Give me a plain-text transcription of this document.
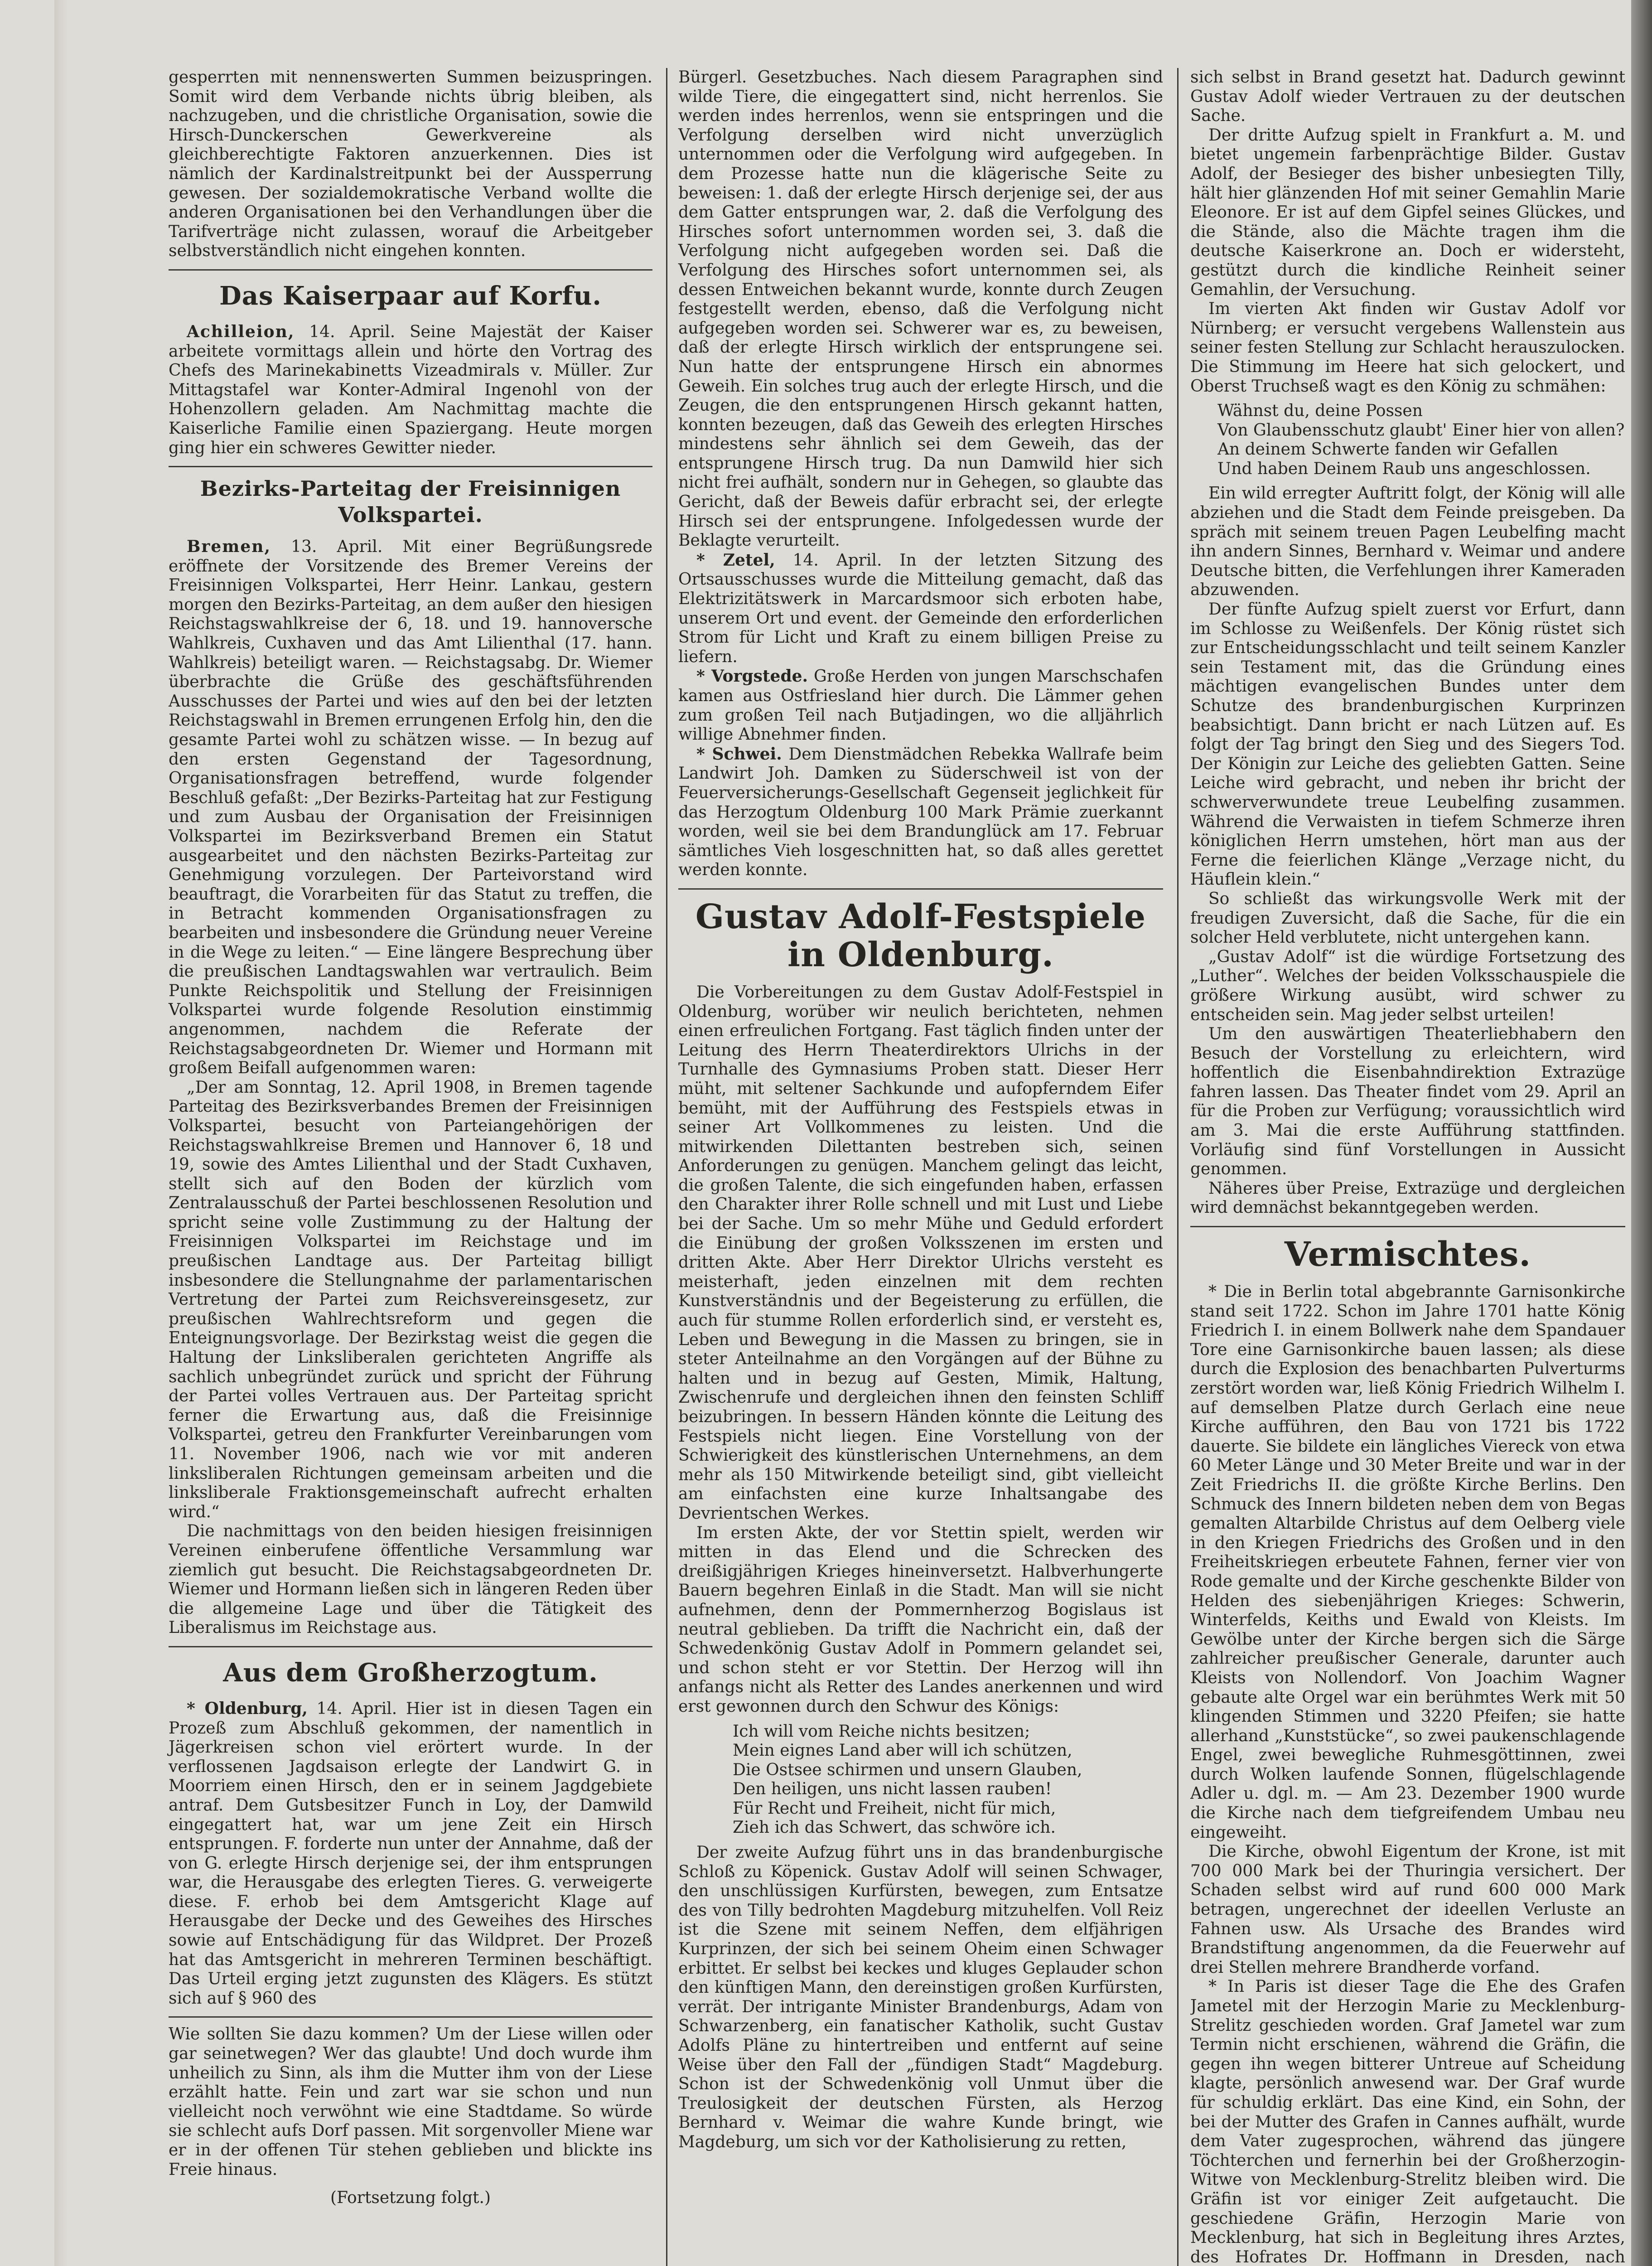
gesperrten mit nennenswerten Summen beizuspringen. Somit wird dem Verbande nichts übrig bleiben, als nachzugeben, und die christliche Organisation, sowie die Hirsch-Dunckerschen Gewerkvereine als gleichberechtigte Faktoren anzuerkennen. Dies ist nämlich der Kardinalstreitpunkt bei der Aussperrung gewesen. Der sozialdemokratische Verband wollte die anderen Organisationen bei den Verhandlungen über die Tarifverträge nicht zulassen, worauf die Arbeitgeber selbstverständlich nicht eingehen konnten.

Das Kaiserpaar auf Korfu.

Achilleion, 14. April. Seine Majestät der Kaiser arbeitete vormittags allein und hörte den Vortrag des Chefs des Marinekabinetts Vizeadmirals v. Müller. Zur Mittagstafel war Konter-Admiral Ingenohl von der Hohenzollern geladen. Am Nachmittag machte die Kaiserliche Familie einen Spaziergang. Heute morgen ging hier ein schweres Gewitter nieder.

Bezirks-Parteitag der Freisinnigen Volkspartei.

Bremen, 13. April. Mit einer Begrüßungsrede eröffnete der Vorsitzende des Bremer Vereins der Freisinnigen Volkspartei, Herr Heinr. Lankau, gestern morgen den Bezirks-Parteitag, an dem außer den hiesigen Reichstagswahlkreise der 6, 18. und 19. hannoversche Wahlkreis, Cuxhaven und das Amt Lilienthal (17. hann. Wahlkreis) beteiligt waren. — Reichstagsabg. Dr. Wiemer überbrachte die Grüße des geschäftsführenden Ausschusses der Partei und wies auf den bei der letzten Reichstagswahl in Bremen errungenen Erfolg hin, den die gesamte Partei wohl zu schätzen wisse. — In bezug auf den ersten Gegenstand der Tagesordnung, Organisationsfragen betreffend, wurde folgender Beschluß gefaßt: „Der Bezirks-Parteitag hat zur Festigung und zum Ausbau der Organisation der Freisinnigen Volkspartei im Bezirksverband Bremen ein Statut ausgearbeitet und den nächsten Bezirks-Parteitag zur Genehmigung vorzulegen. Der Parteivorstand wird beauftragt, die Vorarbeiten für das Statut zu treffen, die in Betracht kommenden Organisationsfragen zu bearbeiten und insbesondere die Gründung neuer Vereine in die Wege zu leiten.“ — Eine längere Besprechung über die preußischen Landtagswahlen war vertraulich. Beim Punkte Reichspolitik und Stellung der Freisinnigen Volkspartei wurde folgende Resolution einstimmig angenommen, nachdem die Referate der Reichstagsabgeordneten Dr. Wiemer und Hormann mit großem Beifall aufgenommen waren:

„Der am Sonntag, 12. April 1908, in Bremen tagende Parteitag des Bezirksverbandes Bremen der Freisinnigen Volkspartei, besucht von Parteiangehörigen der Reichstagswahlkreise Bremen und Hannover 6, 18 und 19, sowie des Amtes Lilienthal und der Stadt Cuxhaven, stellt sich auf den Boden der kürzlich vom Zentralausschuß der Partei beschlossenen Resolution und spricht seine volle Zustimmung zu der Haltung der Freisinnigen Volkspartei im Reichstage und im preußischen Landtage aus. Der Parteitag billigt insbesondere die Stellungnahme der parlamentarischen Vertretung der Partei zum Reichsvereinsgesetz, zur preußischen Wahlrechtsreform und gegen die Enteignungsvorlage. Der Bezirkstag weist die gegen die Haltung der Linksliberalen gerichteten Angriffe als sachlich unbegründet zurück und spricht der Führung der Partei volles Vertrauen aus. Der Parteitag spricht ferner die Erwartung aus, daß die Freisinnige Volkspartei, getreu den Frankfurter Vereinbarungen vom 11. November 1906, nach wie vor mit anderen linksliberalen Richtungen gemeinsam arbeiten und die linksliberale Fraktionsgemeinschaft aufrecht erhalten wird.“

Die nachmittags von den beiden hiesigen freisinnigen Vereinen einberufene öffentliche Versammlung war ziemlich gut besucht. Die Reichstagsabgeordneten Dr. Wiemer und Hormann ließen sich in längeren Reden über die allgemeine Lage und über die Tätigkeit des Liberalismus im Reichstage aus.

Aus dem Großherzogtum.

* Oldenburg, 14. April. Hier ist in diesen Tagen ein Prozeß zum Abschluß gekommen, der namentlich in Jägerkreisen schon viel erörtert wurde. In der verflossenen Jagdsaison erlegte der Landwirt G. in Moorriem einen Hirsch, den er in seinem Jagdgebiete antraf. Dem Gutsbesitzer Funch in Loy, der Damwild eingegattert hat, war um jene Zeit ein Hirsch entsprungen. F. forderte nun unter der Annahme, daß der von G. erlegte Hirsch derjenige sei, der ihm entsprungen war, die Herausgabe des erlegten Tieres. G. verweigerte diese. F. erhob bei dem Amtsgericht Klage auf Herausgabe der Decke und des Geweihes des Hirsches sowie auf Entschädigung für das Wildpret. Der Prozeß hat das Amtsgericht in mehreren Terminen beschäftigt. Das Urteil erging jetzt zugunsten des Klägers. Es stützt sich auf § 960 des

Wie sollten Sie dazu kommen? Um der Liese willen oder gar seinetwegen? Wer das glaubte! Und doch wurde ihm unheilich zu Sinn, als ihm die Mutter ihm von der Liese erzählt hatte. Fein und zart war sie schon und nun vielleicht noch verwöhnt wie eine Stadtdame. So würde sie schlecht aufs Dorf passen. Mit sorgenvoller Miene war er in der offenen Tür stehen geblieben und blickte ins Freie hinaus.

(Fortsetzung folgt.)

Bürgerl. Gesetzbuches. Nach diesem Paragraphen sind wilde Tiere, die eingegattert sind, nicht herrenlos. Sie werden indes herrenlos, wenn sie entspringen und die Verfolgung derselben wird nicht unverzüglich unternommen oder die Verfolgung wird aufgegeben. In dem Prozesse hatte nun die klägerische Seite zu beweisen: 1. daß der erlegte Hirsch derjenige sei, der aus dem Gatter entsprungen war, 2. daß die Verfolgung des Hirsches sofort unternommen worden sei, 3. daß die Verfolgung nicht aufgegeben worden sei. Daß die Verfolgung des Hirsches sofort unternommen sei, als dessen Entweichen bekannt wurde, konnte durch Zeugen festgestellt werden, ebenso, daß die Verfolgung nicht aufgegeben worden sei. Schwerer war es, zu beweisen, daß der erlegte Hirsch wirklich der entsprungene sei. Nun hatte der entsprungene Hirsch ein abnormes Geweih. Ein solches trug auch der erlegte Hirsch, und die Zeugen, die den entsprungenen Hirsch gekannt hatten, konnten bezeugen, daß das Geweih des erlegten Hirsches mindestens sehr ähnlich sei dem Geweih, das der entsprungene Hirsch trug. Da nun Damwild hier sich nicht frei aufhält, sondern nur in Gehegen, so glaubte das Gericht, daß der Beweis dafür erbracht sei, der erlegte Hirsch sei der entsprungene. Infolgedessen wurde der Beklagte verurteilt.

* Zetel, 14. April. In der letzten Sitzung des Ortsausschusses wurde die Mitteilung gemacht, daß das Elektrizitätswerk in Marcardsmoor sich erboten habe, unserem Ort und event. der Gemeinde den erforderlichen Strom für Licht und Kraft zu einem billigen Preise zu liefern.

* Vorgstede. Große Herden von jungen Marschschafen kamen aus Ostfriesland hier durch. Die Lämmer gehen zum großen Teil nach Butjadingen, wo die alljährlich willige Abnehmer finden.

* Schwei. Dem Dienstmädchen Rebekka Wallrafe beim Landwirt Joh. Damken zu Süderschweil ist von der Feuerversicherungs-Gesellschaft Gegenseit jeglichkeit für das Herzogtum Oldenburg 100 Mark Prämie zuerkannt worden, weil sie bei dem Brandunglück am 17. Februar sämtliches Vieh losgeschnitten hat, so daß alles gerettet werden konnte.

Gustav Adolf-Festspiele
in Oldenburg.

Die Vorbereitungen zu dem Gustav Adolf-Festspiel in Oldenburg, worüber wir neulich berichteten, nehmen einen erfreulichen Fortgang. Fast täglich finden unter der Leitung des Herrn Theaterdirektors Ulrichs in der Turnhalle des Gymnasiums Proben statt. Dieser Herr müht, mit seltener Sachkunde und aufopferndem Eifer bemüht, mit der Aufführung des Festspiels etwas in seiner Art Vollkommenes zu leisten. Und die mitwirkenden Dilettanten bestreben sich, seinen Anforderungen zu genügen. Manchem gelingt das leicht, die großen Talente, die sich eingefunden haben, erfassen den Charakter ihrer Rolle schnell und mit Lust und Liebe bei der Sache. Um so mehr Mühe und Geduld erfordert die Einübung der großen Volksszenen im ersten und dritten Akte. Aber Herr Direktor Ulrichs versteht es meisterhaft, jeden einzelnen mit dem rechten Kunstverständnis und der Begeisterung zu erfüllen, die auch für stumme Rollen erforderlich sind, er versteht es, Leben und Bewegung in die Massen zu bringen, sie in steter Anteilnahme an den Vorgängen auf der Bühne zu halten und in bezug auf Gesten, Mimik, Haltung, Zwischenrufe und dergleichen ihnen den feinsten Schliff beizubringen. In bessern Händen könnte die Leitung des Festspiels nicht liegen. Eine Vorstellung von der Schwierigkeit des künstlerischen Unternehmens, an dem mehr als 150 Mitwirkende beteiligt sind, gibt vielleicht am einfachsten eine kurze Inhaltsangabe des Devrientschen Werkes.

Im ersten Akte, der vor Stettin spielt, werden wir mitten in das Elend und die Schrecken des dreißigjährigen Krieges hineinversetzt. Halbverhungerte Bauern begehren Einlaß in die Stadt. Man will sie nicht aufnehmen, denn der Pommernherzog Bogislaus ist neutral geblieben. Da trifft die Nachricht ein, daß der Schwedenkönig Gustav Adolf in Pommern gelandet sei, und schon steht er vor Stettin. Der Herzog will ihn anfangs nicht als Retter des Landes anerkennen und wird erst gewonnen durch den Schwur des Königs:

Ich will vom Reiche nichts besitzen;
Mein eignes Land aber will ich schützen,
Die Ostsee schirmen und unsern Glauben,
Den heiligen, uns nicht lassen rauben!
Für Recht und Freiheit, nicht für mich,
Zieh ich das Schwert, das schwöre ich.

Der zweite Aufzug führt uns in das brandenburgische Schloß zu Köpenick. Gustav Adolf will seinen Schwager, den unschlüssigen Kurfürsten, bewegen, zum Entsatze des von Tilly bedrohten Magdeburg mitzuhelfen. Voll Reiz ist die Szene mit seinem Neffen, dem elfjährigen Kurprinzen, der sich bei seinem Oheim einen Schwager erbittet. Er selbst bei keckes und kluges Geplauder schon den künftigen Mann, den dereinstigen großen Kurfürsten, verrät. Der intrigante Minister Brandenburgs, Adam von Schwarzenberg, ein fanatischer Katholik, sucht Gustav Adolfs Pläne zu hintertreiben und entfernt auf seine Weise über den Fall der „fündigen Stadt“ Magdeburg. Schon ist der Schwedenkönig voll Unmut über die Treulosigkeit der deutschen Fürsten, als Herzog Bernhard v. Weimar die wahre Kunde bringt, wie Magdeburg, um sich vor der Katholisierung zu retten,

sich selbst in Brand gesetzt hat. Dadurch gewinnt Gustav Adolf wieder Vertrauen zu der deutschen Sache.

Der dritte Aufzug spielt in Frankfurt a. M. und bietet ungemein farbenprächtige Bilder. Gustav Adolf, der Besieger des bisher unbesiegten Tilly, hält hier glänzenden Hof mit seiner Gemahlin Marie Eleonore. Er ist auf dem Gipfel seines Glückes, und die Stände, also die Mächte tragen ihm die deutsche Kaiserkrone an. Doch er widersteht, gestützt durch die kindliche Reinheit seiner Gemahlin, der Versuchung.

Im vierten Akt finden wir Gustav Adolf vor Nürnberg; er versucht vergebens Wallenstein aus seiner festen Stellung zur Schlacht herauszulocken. Die Stimmung im Heere hat sich gelockert, und Oberst Truchseß wagt es den König zu schmähen:

Wähnst du, deine Possen
Von Glaubensschutz glaubt' Einer hier von allen?
An deinem Schwerte fanden wir Gefallen
Und haben Deinem Raub uns angeschlossen.

Ein wild erregter Auftritt folgt, der König will alle abziehen und die Stadt dem Feinde preisgeben. Da spräch mit seinem treuen Pagen Leubelfing macht ihn andern Sinnes, Bernhard v. Weimar und andere Deutsche bitten, die Verfehlungen ihrer Kameraden abzuwenden.

Der fünfte Aufzug spielt zuerst vor Erfurt, dann im Schlosse zu Weißenfels. Der König rüstet sich zur Entscheidungsschlacht und teilt seinem Kanzler sein Testament mit, das die Gründung eines mächtigen evangelischen Bundes unter dem Schutze des brandenburgischen Kurprinzen beabsichtigt. Dann bricht er nach Lützen auf. Es folgt der Tag bringt den Sieg und des Siegers Tod. Der Königin zur Leiche des geliebten Gatten. Seine Leiche wird gebracht, und neben ihr bricht der schwerverwundete treue Leubelfing zusammen. Während die Verwaisten in tiefem Schmerze ihren königlichen Herrn umstehen, hört man aus der Ferne die feierlichen Klänge „Verzage nicht, du Häuflein klein.“

So schließt das wirkungsvolle Werk mit der freudigen Zuversicht, daß die Sache, für die ein solcher Held verblutete, nicht untergehen kann.

„Gustav Adolf“ ist die würdige Fortsetzung des „Luther“. Welches der beiden Volksschauspiele die größere Wirkung ausübt, wird schwer zu entscheiden sein. Mag jeder selbst urteilen!

Um den auswärtigen Theaterliebhabern den Besuch der Vorstellung zu erleichtern, wird hoffentlich die Eisenbahndirektion Extrazüge fahren lassen. Das Theater findet vom 29. April an für die Proben zur Verfügung; voraussichtlich wird am 3. Mai die erste Aufführung stattfinden. Vorläufig sind fünf Vorstellungen in Aussicht genommen.

Näheres über Preise, Extrazüge und dergleichen wird demnächst bekanntgegeben werden.

Vermischtes.

* Die in Berlin total abgebrannte Garnisonkirche stand seit 1722. Schon im Jahre 1701 hatte König Friedrich I. in einem Bollwerk nahe dem Spandauer Tore eine Garnisonkirche bauen lassen; als diese durch die Explosion des benachbarten Pulverturms zerstört worden war, ließ König Friedrich Wilhelm I. auf demselben Platze durch Gerlach eine neue Kirche aufführen, den Bau von 1721 bis 1722 dauerte. Sie bildete ein längliches Viereck von etwa 60 Meter Länge und 30 Meter Breite und war in der Zeit Friedrichs II. die größte Kirche Berlins. Den Schmuck des Innern bildeten neben dem von Begas gemalten Altarbilde Christus auf dem Oelberg viele in den Kriegen Friedrichs des Großen und in den Freiheitskriegen erbeutete Fahnen, ferner vier von Rode gemalte und der Kirche geschenkte Bilder von Helden des siebenjährigen Krieges: Schwerin, Winterfelds, Keiths und Ewald von Kleists. Im Gewölbe unter der Kirche bergen sich die Särge zahlreicher preußischer Generale, darunter auch Kleists von Nollendorf. Von Joachim Wagner gebaute alte Orgel war ein berühmtes Werk mit 50 klingenden Stimmen und 3220 Pfeifen; sie hatte allerhand „Kunststücke“, so zwei paukenschlagende Engel, zwei bewegliche Ruhmesgöttinnen, zwei durch Wolken laufende Sonnen, flügelschlagende Adler u. dgl. m. — Am 23. Dezember 1900 wurde die Kirche nach dem tiefgreifendem Umbau neu eingeweiht.

Die Kirche, obwohl Eigentum der Krone, ist mit 700 000 Mark bei der Thuringia versichert. Der Schaden selbst wird auf rund 600 000 Mark betragen, ungerechnet der ideellen Verluste an Fahnen usw. Als Ursache des Brandes wird Brandstiftung angenommen, da die Feuerwehr auf drei Stellen mehrere Brandherde vorfand.

* In Paris ist dieser Tage die Ehe des Grafen Jametel mit der Herzogin Marie zu Mecklenburg-Strelitz geschieden worden. Graf Jametel war zum Termin nicht erschienen, während die Gräfin, die gegen ihn wegen bitterer Untreue auf Scheidung klagte, persönlich anwesend war. Der Graf wurde für schuldig erklärt. Das eine Kind, ein Sohn, der bei der Mutter des Grafen in Cannes aufhält, wurde dem Vater zugesprochen, während das jüngere Töchterchen und fernerhin bei der Großherzogin-Witwe von Mecklenburg-Strelitz bleiben wird. Die Gräfin ist vor einiger Zeit aufgetaucht. Die geschiedene Gräfin, Herzogin Marie von Mecklenburg, hat sich in Begleitung ihres Arztes, des Hofrates Dr. Hoffmann in Dresden, nach
